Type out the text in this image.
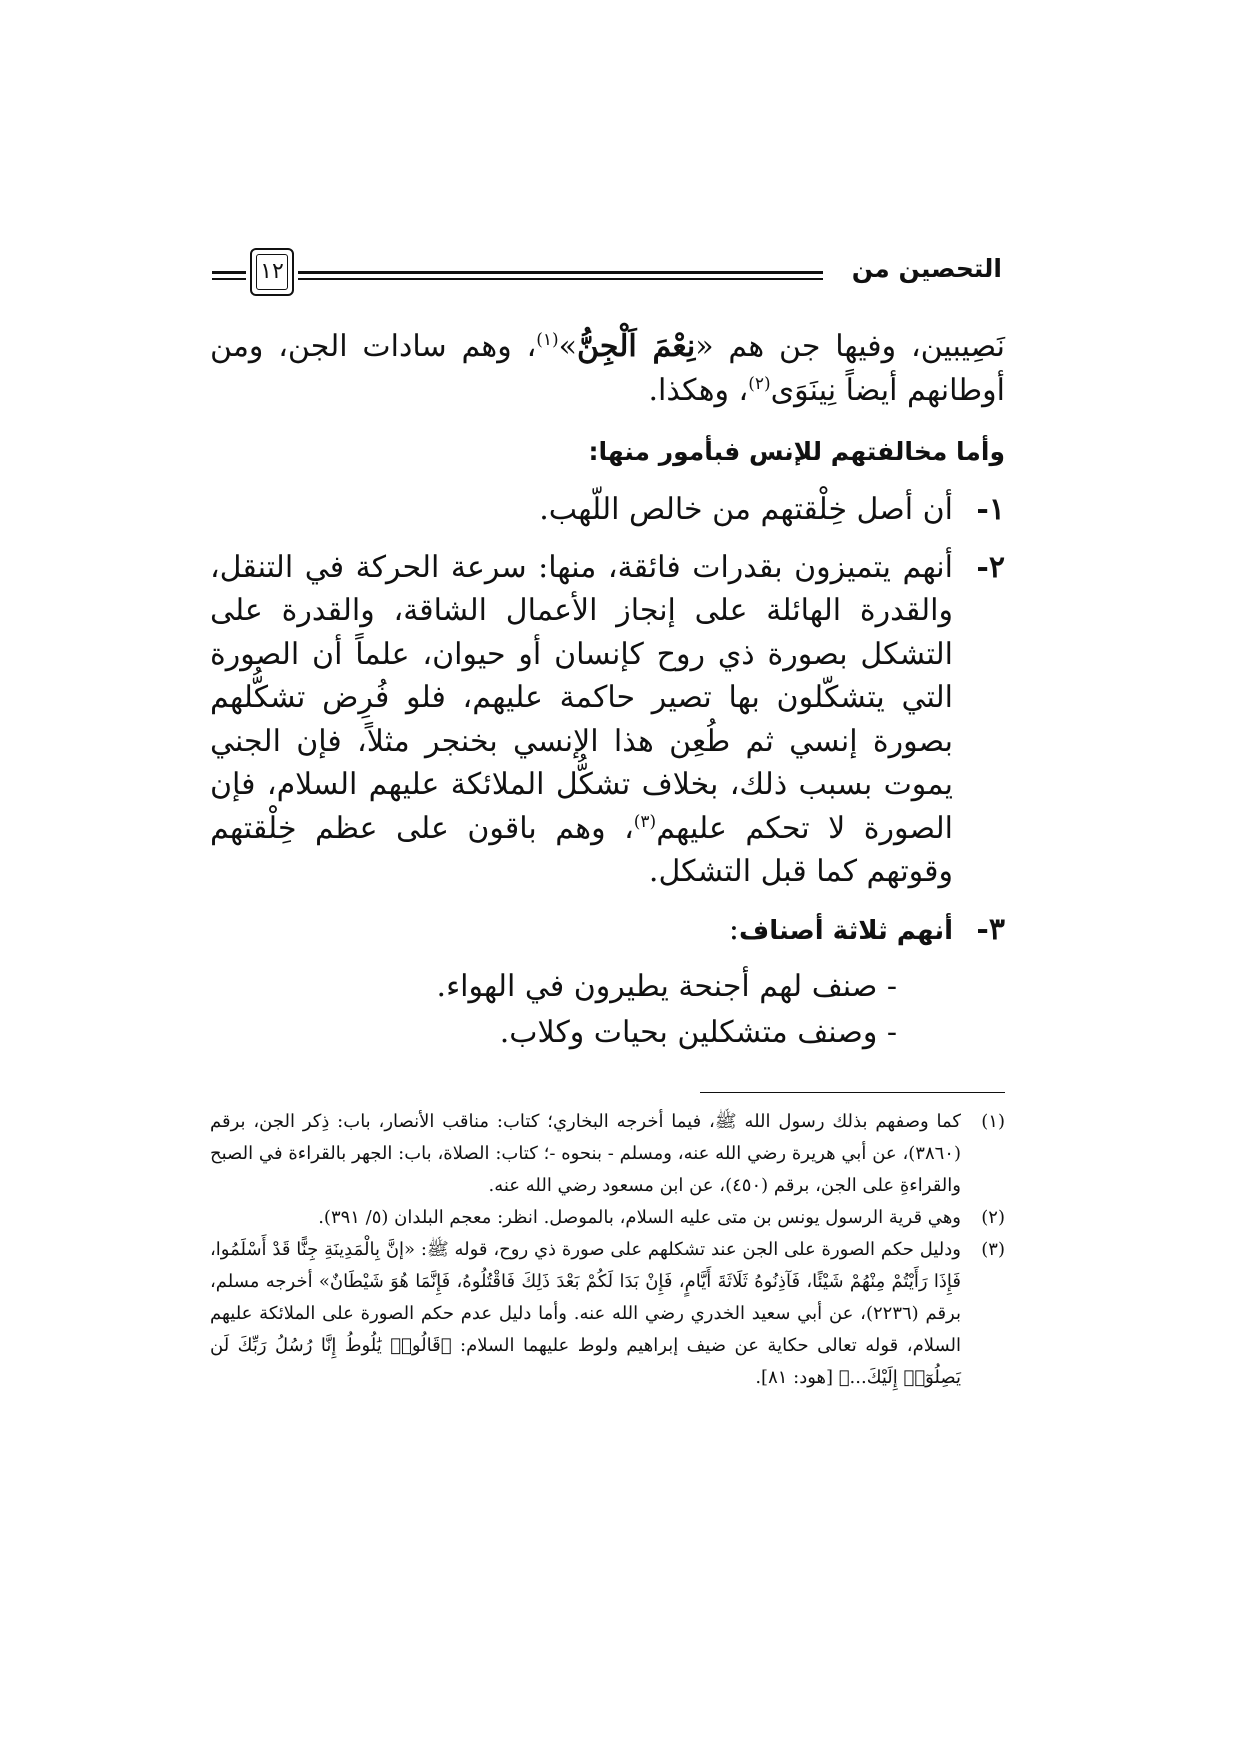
١٢	التحصين من

نَصِيبين، وفيها جن هم «نِعْمَ اَلْجِنُّ»$^{(١)}$، وهم سادات الجن، ومن أوطانهم أيضاً نِينَوَى$^{(٢)}$، وهكذا.

وأما مخالفتهم للإنس فبأمور منها:

١-
أن أصل خِلْقتهم من خالص اللّهب.

٢-
أنهم يتميزون بقدرات فائقة، منها: سرعة الحركة في التنقل، والقدرة الهائلة على إنجاز الأعمال الشاقة، والقدرة على التشكل بصورة ذي روح كإنسان أو حيوان، علماً أن الصورة التي يتشكّلون بها تصير حاكمة عليهم، فلو فُرِض تشكُّلهم بصورة إنسي ثم طُعِن هذا الإنسي بخنجر مثلاً، فإن الجني يموت بسبب ذلك، بخلاف تشكُّل الملائكة عليهم السلام، فإن الصورة لا تحكم عليهم$^{(٣)}$، وهم باقون على عظم خِلْقتهم وقوتهم كما قبل التشكل.

٣-
أنهم ثلاثة أصناف:

- صنف لهم أجنحة يطيرون في الهواء.

- وصنف متشكلين بحيات وكلاب.

(١)
كما وصفهم بذلك رسول الله ﷺ، فيما أخرجه البخاري؛ كتاب: مناقب الأنصار، باب: ذِكر الجن، برقم (٣٨٦٠)، عن أبي هريرة رضي الله عنه، ومسلم - بنحوه -؛ كتاب: الصلاة، باب: الجهر بالقراءة في الصبح والقراءةِ على الجن، برقم (٤٥٠)، عن ابن مسعود رضي الله عنه.

(٢)
وهي قرية الرسول يونس بن متى عليه السلام، بالموصل. انظر: معجم البلدان (٥/ ٣٩١).

(٣)
ودليل حكم الصورة على الجن عند تشكلهم على صورة ذي روح، قوله ﷺ: «إنَّ بِالْمَدِينَةِ جِنًّا قَدْ أَسْلَمُوا، فَإِذَا رَأَيْتُمْ مِنْهُمْ شَيْئًا، فَآذِنُوهُ ثَلَاثَةَ أَيَّامٍ، فَإِنْ بَدَا لَكُمْ بَعْدَ ذَلِكَ فَاقْتُلُوهُ، فَإِنَّمَا هُوَ شَيْطَانٌ» أخرجه مسلم، برقم (٢٢٣٦)، عن أبي سعيد الخدري رضي الله عنه. وأما دليل عدم حكم الصورة على الملائكة عليهم السلام، قوله تعالى حكاية عن ضيف إبراهيم ولوط عليهما السلام: ﴿قَالُوا۟ يَٰلُوطُ إِنَّا رُسُلُ رَبِّكَ لَن يَصِلُوٓا۟ إِلَيْكَ...﴾ [هود: ٨١].
